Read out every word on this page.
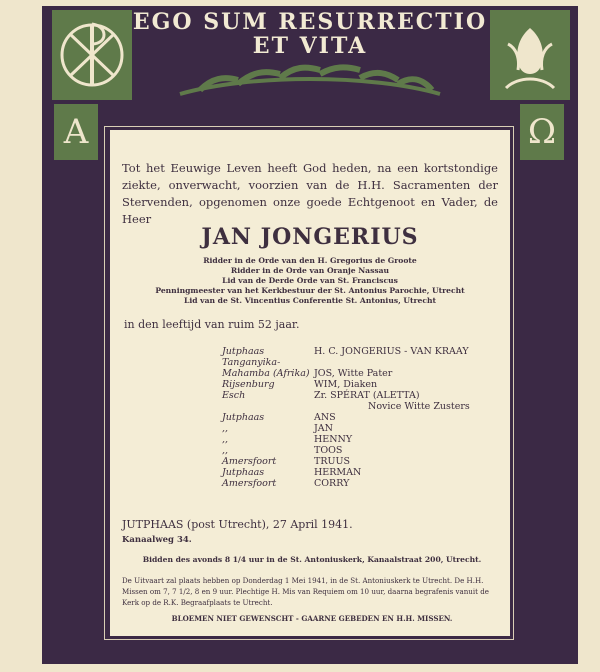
A	Ω
EGO SUM RESURRECTIO
ET VITA
Tot het Eeuwige Leven heeft God heden, na een kortstondige ziekte, onverwacht, voorzien van de H.H. Sacramenten der Stervenden, opgenomen onze goede Echtgenoot en Vader, de Heer
JAN JONGERIUS
Ridder in de Orde van den H. Gregorius de Groote
Ridder in de Orde van Oranje Nassau
Lid van de Derde Orde van St. Franciscus
Penningmeester van het Kerkbestuur der St. Antonius Parochie, Utrecht
Lid van de St. Vincentius Conferentie St. Antonius, Utrecht
in den leeftijd van ruim 52 jaar.
Jutphaas	H. C. JONGERIUS - VAN KRAAY
Tanganyika-
Mahamba (Afrika) JOS, Witte Pater
Rijsenburg	WIM, Diaken
Esch	Zr. SPÉRAT (ALETTA)
Novice Witte Zusters
Jutphaas	ANS
,,	JAN
,,	HENNY
,,	TOOS
Amersfoort	TRUUS
Jutphaas	HERMAN
Amersfoort	CORRY
JUTPHAAS (post Utrecht), 27 April 1941.
Kanaalweg 34.
Bidden des avonds 8 1/4 uur in de St. Antoniuskerk, Kanaalstraat 200, Utrecht.
De Uitvaart zal plaats hebben op Donderdag 1 Mei 1941, in de St. Antoniuskerk te Utrecht. De H.H. Missen om 7, 7 1/2, 8 en 9 uur. Plechtige H. Mis van Requiem om 10 uur, daarna begrafenis vanuit de Kerk op de R.K. Begraafplaats te Utrecht.
BLOEMEN NIET GEWENSCHT - GAARNE GEBEDEN EN H.H. MISSEN.
